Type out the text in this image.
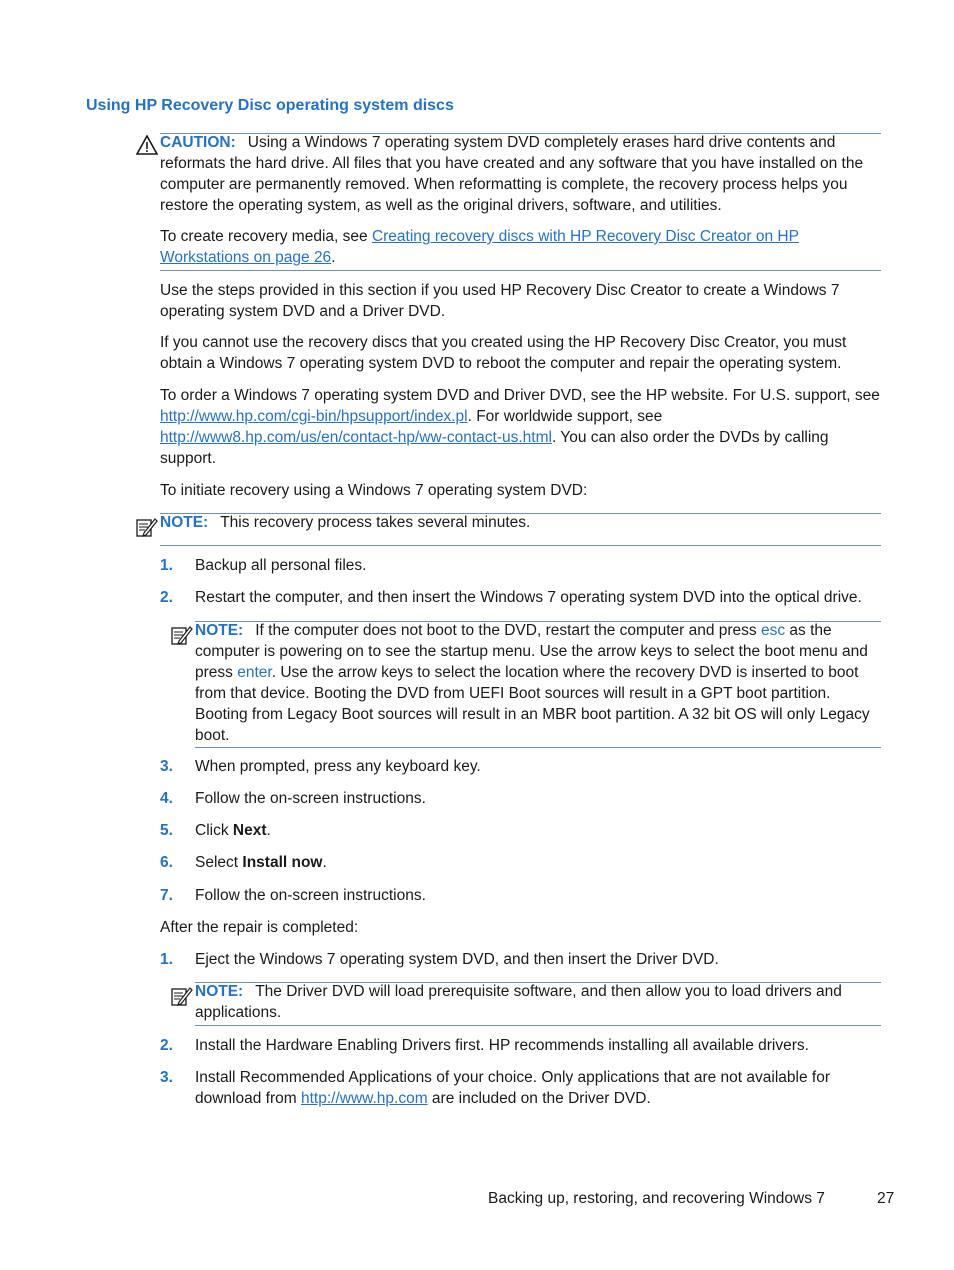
Using HP Recovery Disc operating system discs
CAUTION: Using a Windows 7 operating system DVD completely erases hard drive contents and reformats the hard drive. All files that you have created and any software that you have installed on the computer are permanently removed. When reformatting is complete, the recovery process helps you restore the operating system, as well as the original drivers, software, and utilities.
To create recovery media, see Creating recovery discs with HP Recovery Disc Creator on HP Workstations on page 26.
Use the steps provided in this section if you used HP Recovery Disc Creator to create a Windows 7 operating system DVD and a Driver DVD.
If you cannot use the recovery discs that you created using the HP Recovery Disc Creator, you must obtain a Windows 7 operating system DVD to reboot the computer and repair the operating system.
To order a Windows 7 operating system DVD and Driver DVD, see the HP website. For U.S. support, see http://www.hp.com/cgi-bin/hpsupport/index.pl. For worldwide support, see http://www8.hp.com/us/en/contact-hp/ww-contact-us.html. You can also order the DVDs by calling support.
To initiate recovery using a Windows 7 operating system DVD:
NOTE: This recovery process takes several minutes.
1. Backup all personal files.
2. Restart the computer, and then insert the Windows 7 operating system DVD into the optical drive.
NOTE: If the computer does not boot to the DVD, restart the computer and press esc as the computer is powering on to see the startup menu. Use the arrow keys to select the boot menu and press enter. Use the arrow keys to select the location where the recovery DVD is inserted to boot from that device. Booting the DVD from UEFI Boot sources will result in a GPT boot partition. Booting from Legacy Boot sources will result in an MBR boot partition. A 32 bit OS will only Legacy boot.
3. When prompted, press any keyboard key.
4. Follow the on-screen instructions.
5. Click Next.
6. Select Install now.
7. Follow the on-screen instructions.
After the repair is completed:
1. Eject the Windows 7 operating system DVD, and then insert the Driver DVD.
NOTE: The Driver DVD will load prerequisite software, and then allow you to load drivers and applications.
2. Install the Hardware Enabling Drivers first. HP recommends installing all available drivers.
3. Install Recommended Applications of your choice. Only applications that are not available for download from http://www.hp.com are included on the Driver DVD.
Backing up, restoring, and recovering Windows 7	27
